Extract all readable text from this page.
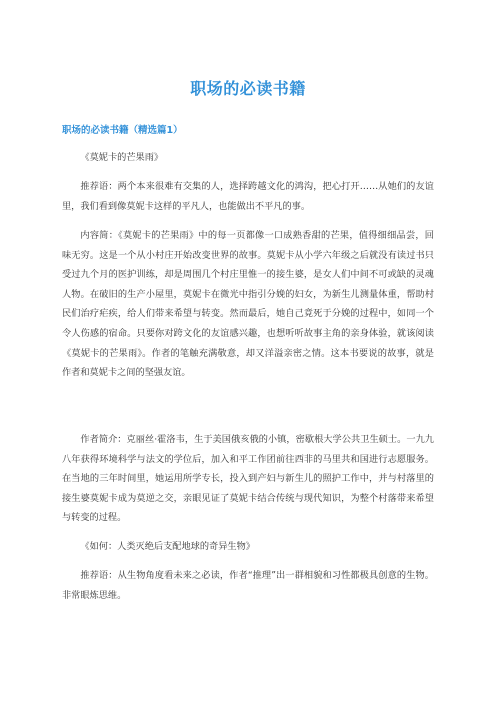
职场的必读书籍
职场的必读书籍（精选篇1）

《莫妮卡的芒果雨》

推荐语：两个本来很难有交集的人，选择跨越文化的鸿沟，把心打开……从她们的友谊里，我们看到像莫妮卡这样的平凡人，也能做出不平凡的事。

内容简：《莫妮卡的芒果雨》中的每一页都像一口成熟香甜的芒果，值得细细品尝，回味无穷。这是一个从小村庄开始改变世界的故事。莫妮卡从小学六年级之后就没有读过书只受过九个月的医护训练，却是周围几个村庄里惟一的接生婆，是女人们中间不可或缺的灵魂人物。在破旧的生产小屋里，莫妮卡在微光中指引分娩的妇女，为新生儿测量体重，帮助村民们治疗疟疾，给人们带来希望与转变。然而最后，她自己竟死于分娩的过程中，如同一个令人伤感的宿命。只要你对跨文化的友谊感兴趣，也想听听故事主角的亲身体验，就该阅读《莫妮卡的芒果雨》。作者的笔触充满敬意，却又洋溢亲密之情。这本书要说的故事，就是作者和莫妮卡之间的坚强友谊。

作者简介：克丽丝·霍洛韦，生于美国俄亥俄的小镇，密歇根大学公共卫生硕士。一九九八年获得环境科学与法文的学位后，加入和平工作团前往西非的马里共和国进行志愿服务。在当地的三年时间里，她运用所学专长，投入到产妇与新生儿的照护工作中，并与村落里的接生婆莫妮卡成为莫逆之交，亲眼见证了莫妮卡结合传统与现代知识，为整个村落带来希望与转变的过程。

《如何：人类灭绝后支配地球的奇异生物》

推荐语：从生物角度看未来之必读，作者“推理”出一群相貌和习性都极具创意的生物。非常眼炼思维。
